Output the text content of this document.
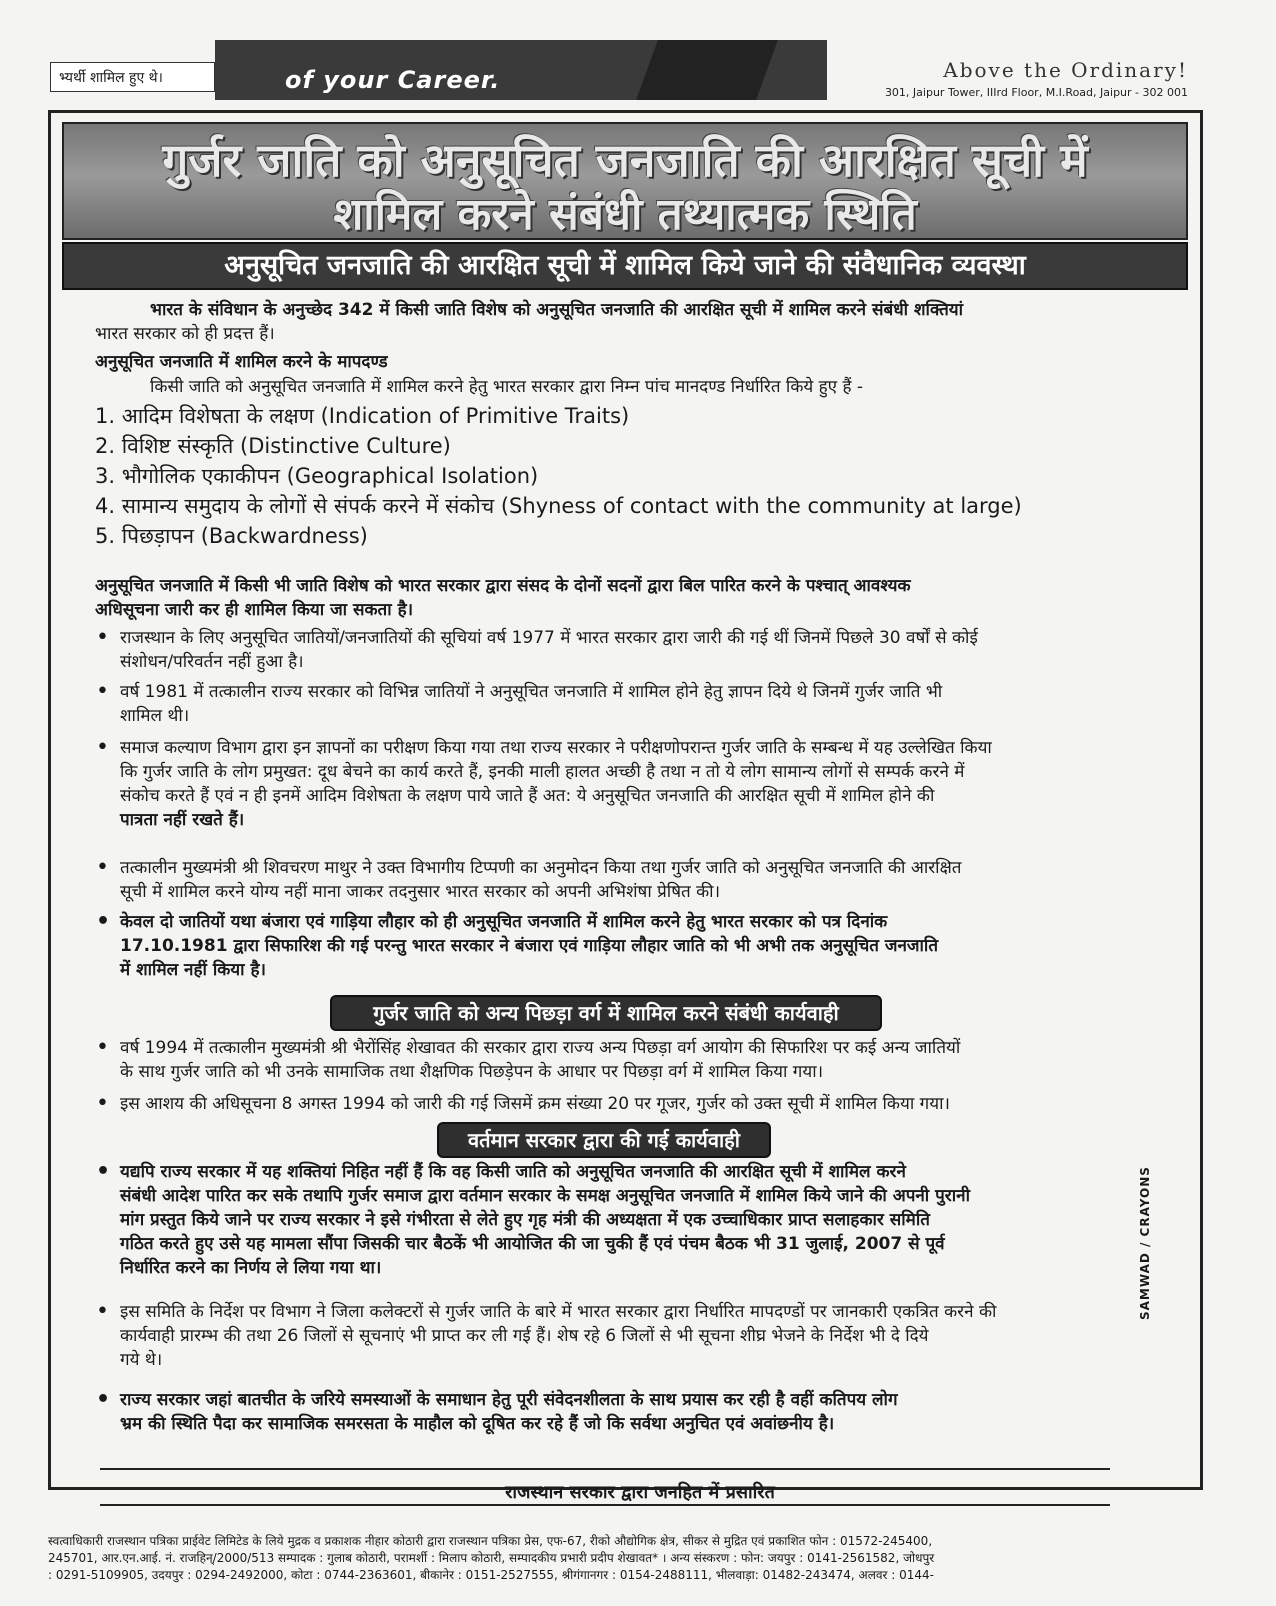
भ्यर्थी शामिल हुए थे।	of your Career.	Above the Ordinary!
301, Jaipur Tower, IIIrd Floor, M.I.Road, Jaipur - 302 001
गुर्जर जाति को अनुसूचित जनजाति की आरक्षित सूची में
शामिल करने संबंधी तथ्यात्मक स्थिति
अनुसूचित जनजाति की आरक्षित सूची में शामिल किये जाने की संवैधानिक व्यवस्था
भारत के संविधान के अनुच्छेद 342 में किसी जाति विशेष को अनुसूचित जनजाति की आरक्षित सूची में शामिल करने संबंधी शक्तियां
भारत सरकार को ही प्रदत्त हैं।
अनुसूचित जनजाति में शामिल करने के मापदण्ड
किसी जाति को अनुसूचित जनजाति में शामिल करने हेतु भारत सरकार द्वारा निम्न पांच मानदण्ड निर्धारित किये हुए हैं -
1. आदिम विशेषता के लक्षण (Indication of Primitive Traits)
2. विशिष्ट संस्कृति (Distinctive Culture)
3. भौगोलिक एकाकीपन (Geographical Isolation)
4. सामान्य समुदाय के लोगों से संपर्क करने में संकोच (Shyness of contact with the community at large)
5. पिछड़ापन (Backwardness)
अनुसूचित जनजाति में किसी भी जाति विशेष को भारत सरकार द्वारा संसद के दोनों सदनों द्वारा बिल पारित करने के पश्चात् आवश्यक
अधिसूचना जारी कर ही शामिल किया जा सकता है।
• राजस्थान के लिए अनुसूचित जातियों/जनजातियों की सूचियां वर्ष 1977 में भारत सरकार द्वारा जारी की गई थीं जिनमें पिछले 30 वर्षों से कोई
संशोधन/परिवर्तन नहीं हुआ है।
• वर्ष 1981 में तत्कालीन राज्य सरकार को विभिन्न जातियों ने अनुसूचित जनजाति में शामिल होने हेतु ज्ञापन दिये थे जिनमें गुर्जर जाति भी
शामिल थी।
• समाज कल्याण विभाग द्वारा इन ज्ञापनों का परीक्षण किया गया तथा राज्य सरकार ने परीक्षणोपरान्त गुर्जर जाति के सम्बन्ध में यह उल्लेखित किया
कि गुर्जर जाति के लोग प्रमुखत: दूध बेचने का कार्य करते हैं, इनकी माली हालत अच्छी है तथा न तो ये लोग सामान्य लोगों से सम्पर्क करने में
संकोच करते हैं एवं न ही इनमें आदिम विशेषता के लक्षण पाये जाते हैं अत: ये अनुसूचित जनजाति की आरक्षित सूची में शामिल होने की
पात्रता नहीं रखते हैं।
• तत्कालीन मुख्यमंत्री श्री शिवचरण माथुर ने उक्त विभागीय टिप्पणी का अनुमोदन किया तथा गुर्जर जाति को अनुसूचित जनजाति की आरक्षित
सूची में शामिल करने योग्य नहीं माना जाकर तदनुसार भारत सरकार को अपनी अभिशंषा प्रेषित की।
• केवल दो जातियों यथा बंजारा एवं गाड़िया लौहार को ही अनुसूचित जनजाति में शामिल करने हेतु भारत सरकार को पत्र दिनांक
17.10.1981 द्वारा सिफारिश की गई परन्तु भारत सरकार ने बंजारा एवं गाड़िया लौहार जाति को भी अभी तक अनुसूचित जनजाति
में शामिल नहीं किया है।
गुर्जर जाति को अन्य पिछड़ा वर्ग में शामिल करने संबंधी कार्यवाही
• वर्ष 1994 में तत्कालीन मुख्यमंत्री श्री भैरोंसिंह शेखावत की सरकार द्वारा राज्य अन्य पिछड़ा वर्ग आयोग की सिफारिश पर कई अन्य जातियों
के साथ गुर्जर जाति को भी उनके सामाजिक तथा शैक्षणिक पिछड़ेपन के आधार पर पिछड़ा वर्ग में शामिल किया गया।
• इस आशय की अधिसूचना 8 अगस्त 1994 को जारी की गई जिसमें क्रम संख्या 20 पर गूजर, गुर्जर को उक्त सूची में शामिल किया गया।
वर्तमान सरकार द्वारा की गई कार्यवाही
• यद्यपि राज्य सरकार में यह शक्तियां निहित नहीं हैं कि वह किसी जाति को अनुसूचित जनजाति की आरक्षित सूची में शामिल करने
संबंधी आदेश पारित कर सके तथापि गुर्जर समाज द्वारा वर्तमान सरकार के समक्ष अनुसूचित जनजाति में शामिल किये जाने की अपनी पुरानी
मांग प्रस्तुत किये जाने पर राज्य सरकार ने इसे गंभीरता से लेते हुए गृह मंत्री की अध्यक्षता में एक उच्चाधिकार प्राप्त सलाहकार समिति
गठित करते हुए उसे यह मामला सौंपा जिसकी चार बैठकें भी आयोजित की जा चुकी हैं एवं पंचम बैठक भी 31 जुलाई, 2007 से पूर्व
निर्धारित करने का निर्णय ले लिया गया था।
• इस समिति के निर्देश पर विभाग ने जिला कलेक्टरों से गुर्जर जाति के बारे में भारत सरकार द्वारा निर्धारित मापदण्डों पर जानकारी एकत्रित करने की
कार्यवाही प्रारम्भ की तथा 26 जिलों से सूचनाएं भी प्राप्त कर ली गई हैं। शेष रहे 6 जिलों से भी सूचना शीघ्र भेजने के निर्देश भी दे दिये
गये थे।
• राज्य सरकार जहां बातचीत के जरिये समस्याओं के समाधान हेतु पूरी संवेदनशीलता के साथ प्रयास कर रही है वहीं कतिपय लोग
भ्रम की स्थिति पैदा कर सामाजिक समरसता के माहौल को दूषित कर रहे हैं जो कि सर्वथा अनुचित एवं अवांछनीय है।
SAMWAD / CRAYONS
राजस्थान सरकार द्वारा जनहित में प्रसारित
स्वत्वाधिकारी राजस्थान पत्रिका प्राईवेट लिमिटेड के लिये मुद्रक व प्रकाशक नीहार कोठारी द्वारा राजस्थान पत्रिका प्रेस, एफ-67, रीको औद्योगिक क्षेत्र, सीकर से मुद्रित एवं प्रकाशित फोन : 01572-245400,
245701, आर.एन.आई. नं. राजहिन्/2000/513 सम्पादक : गुलाब कोठारी, परामर्शी : मिलाप कोठारी, सम्पादकीय प्रभारी प्रदीप शेखावत* । अन्य संस्करण : फोन: जयपुर : 0141-2561582, जोधपुर
: 0291-5109905, उदयपुर : 0294-2492000, कोटा : 0744-2363601, बीकानेर : 0151-2527555, श्रीगंगानगर : 0154-2488111, भीलवाड़ा: 01482-243474, अलवर : 0144-
